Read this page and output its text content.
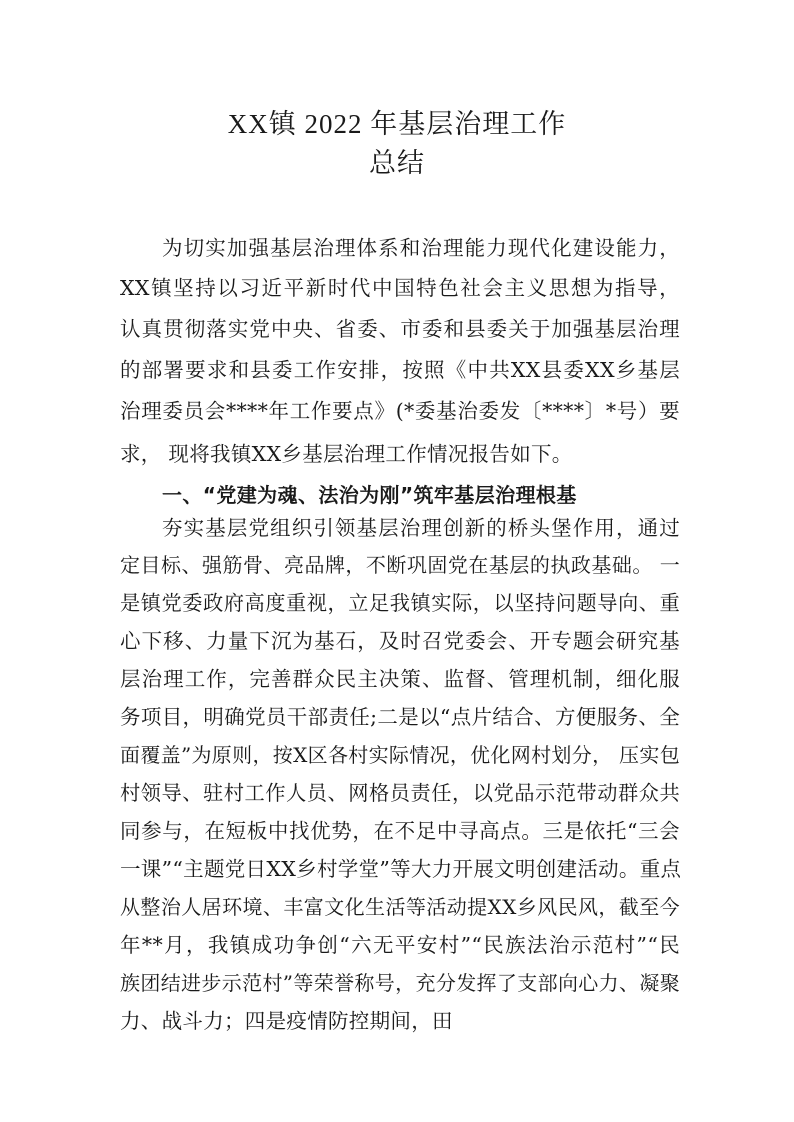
XX镇 2022 年基层治理工作
总结
为切实加强基层治理体系和治理能力现代化建设能力，
XX镇坚持以习近平新时代中国特色社会主义思想为指导，
认真贯彻落实党中央、省委、市委和县委关于加强基层治理
的部署要求和县委工作安排，按照《中共XX县委XX乡基层
治理委员会****年工作要点》(*委基治委发〔****〕*号）要
求， 现将我镇XX乡基层治理工作情况报告如下。
一、“党建为魂、法治为刚”筑牢基层治理根基
夯实基层党组织引领基层治理创新的桥头堡作用，通过
定目标、强筋骨、亮品牌，不断巩固党在基层的执政基础。 一
是镇党委政府高度重视，立足我镇实际，以坚持问题导向、重
心下移、力量下沉为基石，及时召党委会、开专题会研究基
层治理工作，完善群众民主决策、监督、管理机制，细化服
务项目，明确党员干部责任;二是以“点片结合、方便服务、全
面覆盖”为原则，按X区各村实际情况，优化网村划分， 压实包
村领导、驻村工作人员、网格员责任，以党品示范带动群众共
同参与，在短板中找优势，在不足中寻高点。三是依托“三会
一课”“主题党日XX乡村学堂”等大力开展文明创建活动。重点
从整治人居环境、丰富文化生活等活动提XX乡风民风，截至今
年**月，我镇成功争创“六无平安村”“民族法治示范村”“民
族团结进步示范村”等荣誉称号，充分发挥了支部向心力、凝聚
力、战斗力；四是疫情防控期间，田
